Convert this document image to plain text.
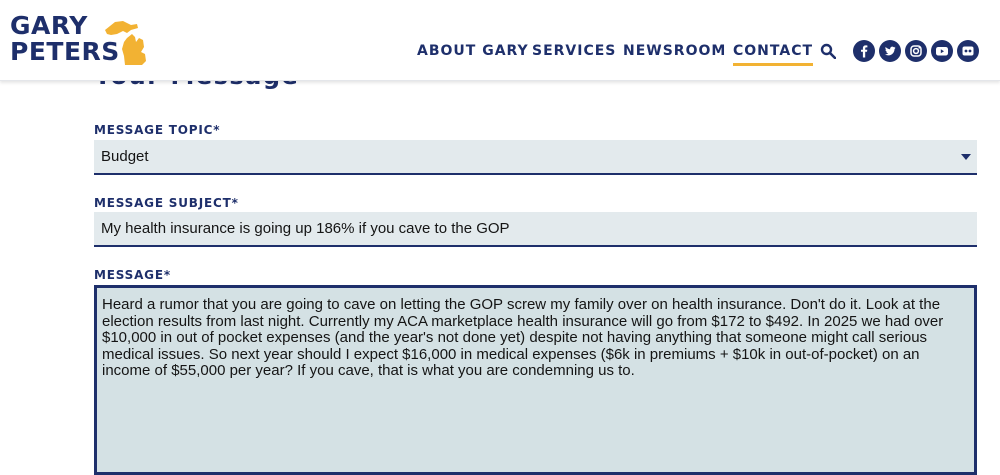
MESSAGE TOPIC*
Budget
MESSAGE SUBJECT*
My health insurance is going up 186% if you cave to the GOP
MESSAGE*
Heard a rumor that you are going to cave on letting the GOP screw my family over on health insurance. Don't do it. Look at the election results from last night. Currently my ACA marketplace health insurance will go from $172 to $492. In 2025 we had over $10,000 in out of pocket expenses (and the year's not done yet) despite not having anything that someone might call serious medical issues. So next year should I expect $16,000 in medical expenses ($6k in premiums + $10k in out-of-pocket) on an income of $55,000 per year? If you cave, that is what you are condemning us to.
GARY
PETERS	ABOUT GARY SERVICES NEWSROOM CONTACT
